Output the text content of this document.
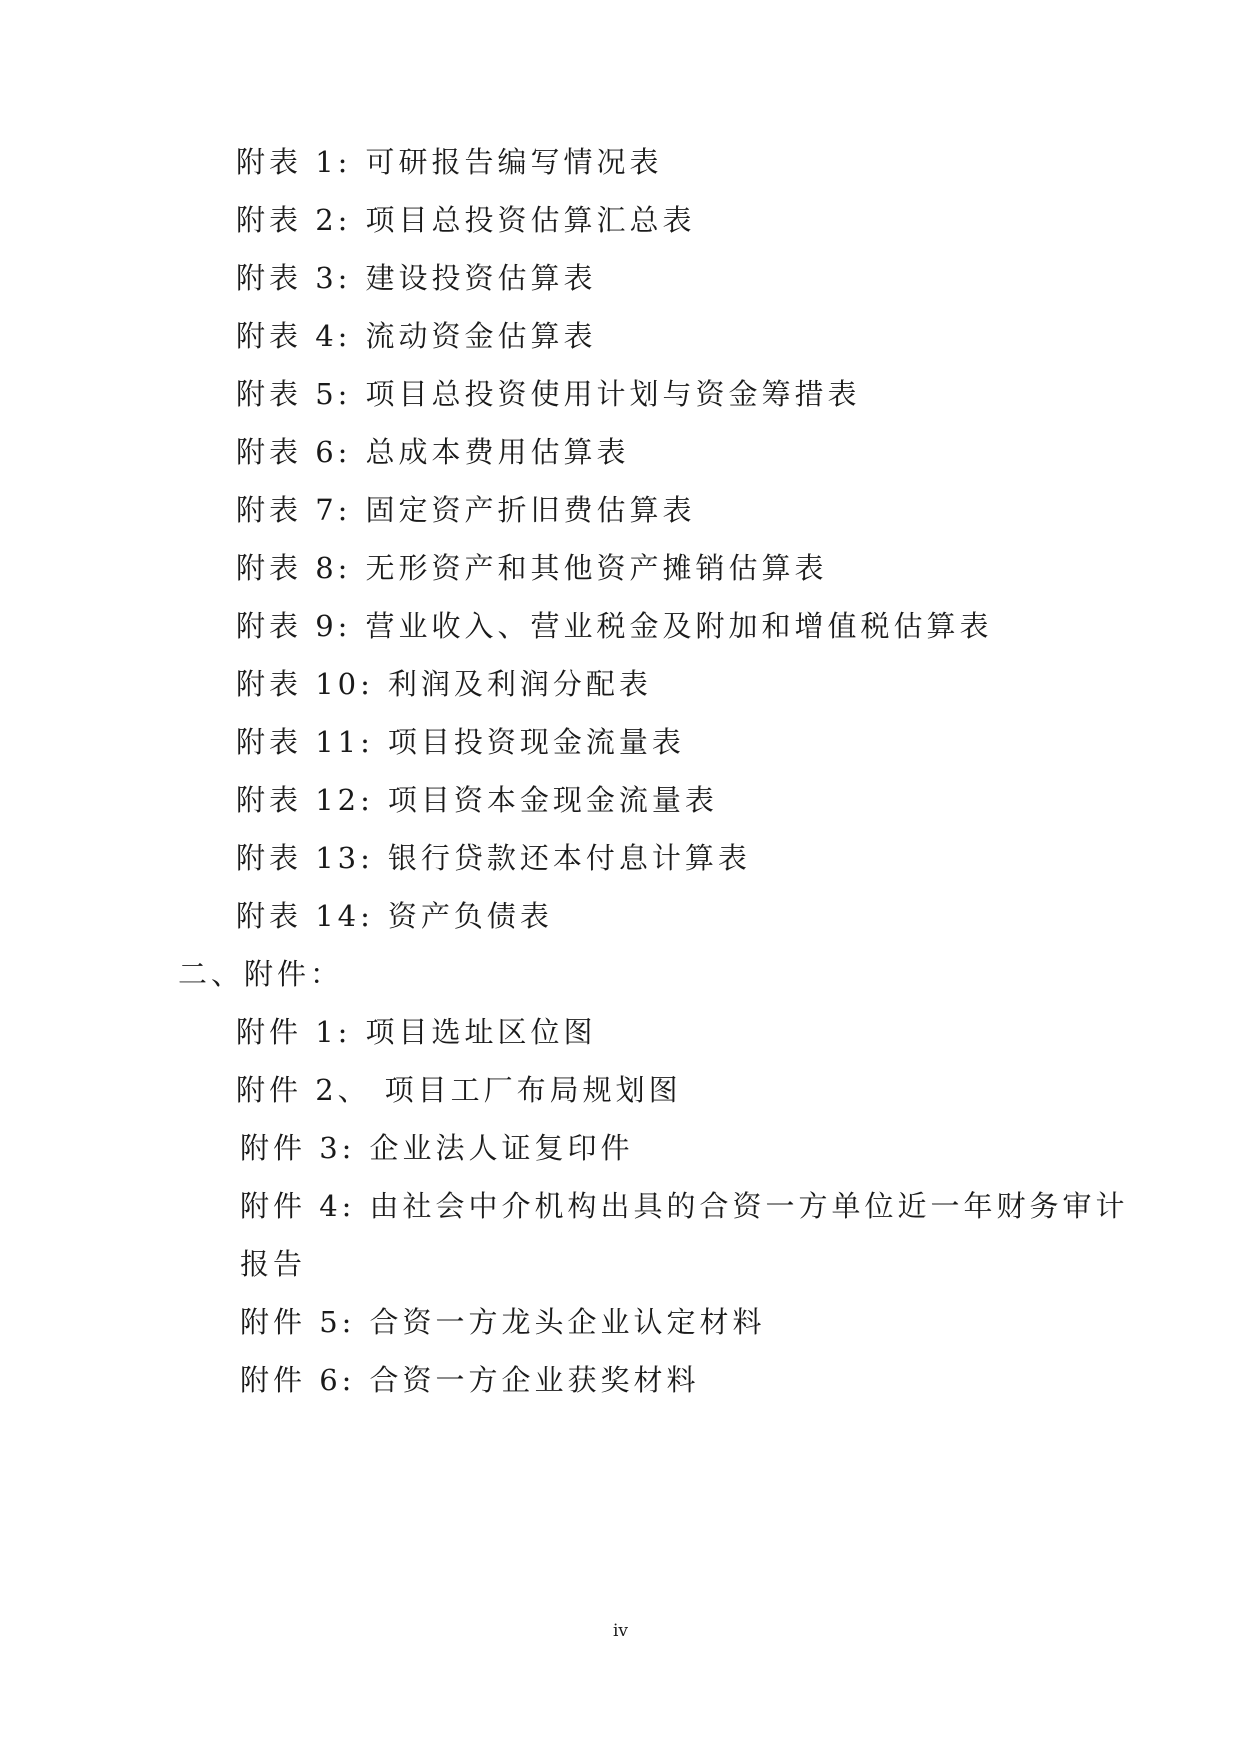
附表 1: 可研报告编写情况表
附表 2: 项目总投资估算汇总表
附表 3: 建设投资估算表
附表 4: 流动资金估算表
附表 5: 项目总投资使用计划与资金筹措表
附表 6: 总成本费用估算表
附表 7: 固定资产折旧费估算表
附表 8: 无形资产和其他资产摊销估算表
附表 9: 营业收入、营业税金及附加和增值税估算表
附表 10: 利润及利润分配表
附表 11: 项目投资现金流量表
附表 12: 项目资本金现金流量表
附表 13: 银行贷款还本付息计算表
附表 14: 资产负债表
二、附件：
附件 1: 项目选址区位图
附件 2、 项目工厂布局规划图
附件 3: 企业法人证复印件
附件 4: 由社会中介机构出具的合资一方单位近一年财务审计
报告
附件 5: 合资一方龙头企业认定材料
附件 6: 合资一方企业获奖材料
iv
